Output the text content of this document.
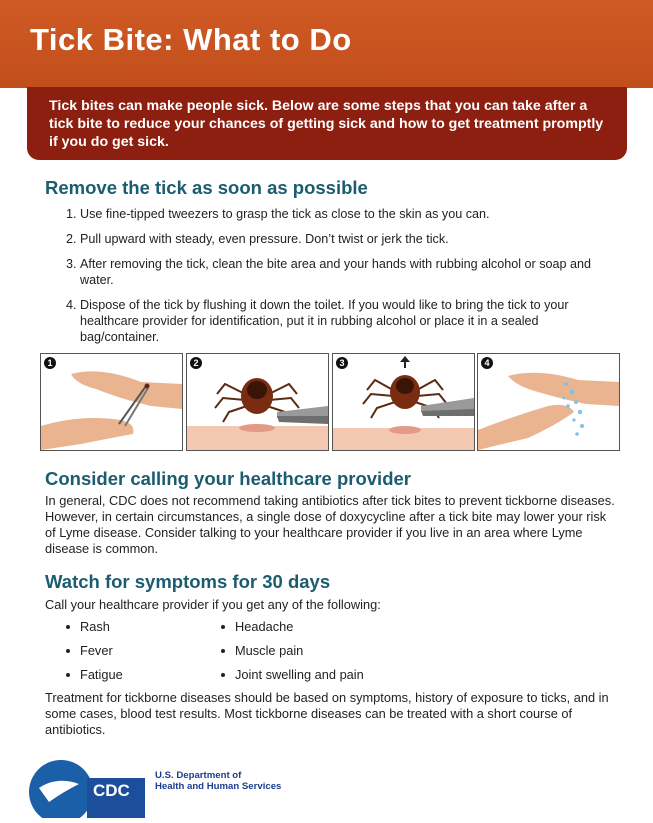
Tick Bite: What to Do

Tick bites can make people sick. Below are some steps that you can take after a tick bite to reduce your chances of getting sick and how to get treatment promptly if you do get sick.

Remove the tick as soon as possible
1. Use fine-tipped tweezers to grasp the tick as close to the skin as you can.
2. Pull upward with steady, even pressure. Don’t twist or jerk the tick.
3. After removing the tick, clean the bite area and your hands with rubbing alcohol or soap and water.
4. Dispose of the tick by flushing it down the toilet. If you would like to bring the tick to your healthcare provider for identification, put it in rubbing alcohol or place it in a sealed bag/container.
1	2	3	4
Consider calling your healthcare provider

In general, CDC does not recommend taking antibiotics after tick bites to prevent tickborne diseases. However, in certain circumstances, a single dose of doxycycline after a tick bite may lower your risk of Lyme disease. Consider talking to your healthcare provider if you live in an area where Lyme disease is common.

Watch for symptoms for 30 days

Call your healthcare provider if you get any of the following:

Rash
Fever
Fatigue
Headache
Muscle pain
Joint swelling and pain

Treatment for tickborne diseases should be based on symptoms, history of exposure to ticks, and in some cases, blood test results. Most tickborne diseases can be treated with a short course of antibiotics.

CDC
U.S. Department of
Health and Human Services
